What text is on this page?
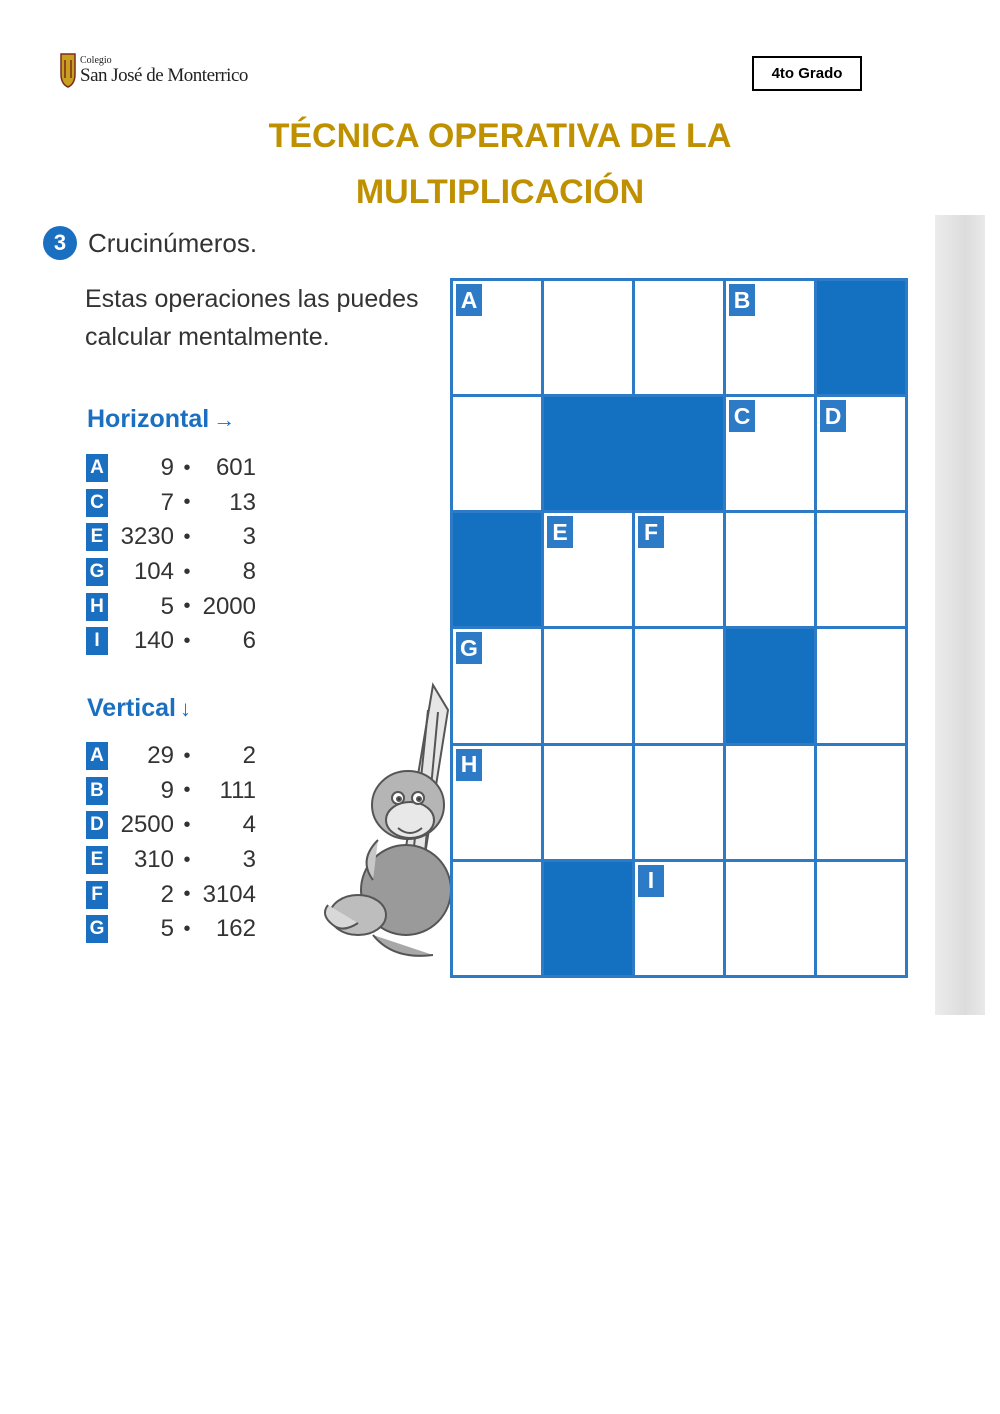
Colegio
San José de Monterrico	4to Grado
TÉCNICA OPERATIVA DE LA
MULTIPLICACIÓN
3 Crucinúmeros.
Estas operaciones las puedes calcular mentalmente.
Horizontal →
A	9 •	601
C	7 •	13
E 3230 •	3
G	104 •	8
H	5 • 2000
I	140 •	6
Vertical ↓
A	29 •	2
B	9 •	111
D 2500 •	4
E	310 •	3
F	2 • 3104
G	5 •	162
A	B
C	D
E	F
G
H
I
